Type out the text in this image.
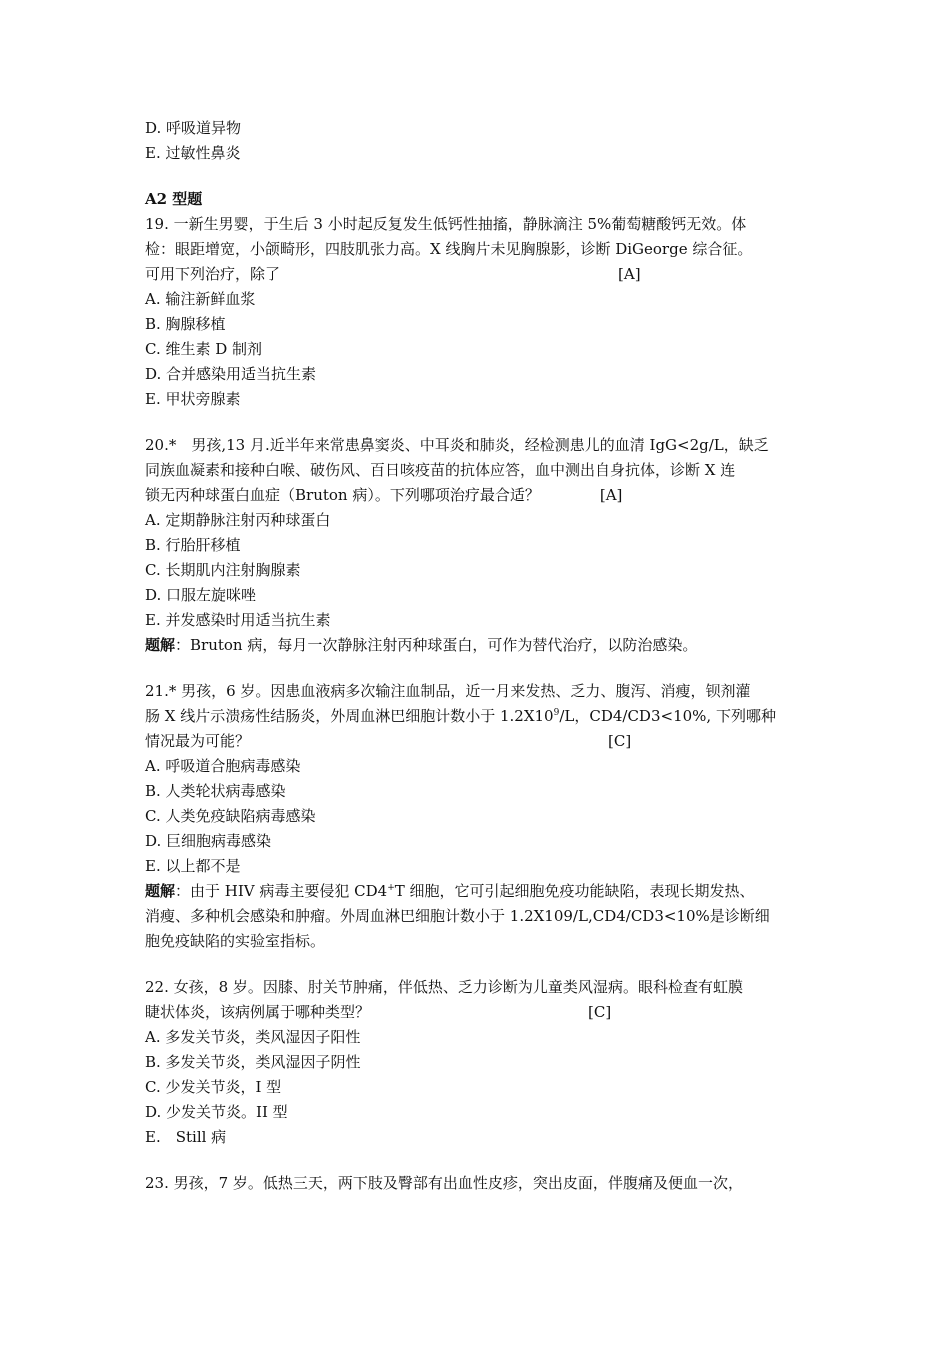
D. 呼吸道异物
E. 过敏性鼻炎
A2 型题
19. 一新生男婴，于生后 3 小时起反复发生低钙性抽搐，静脉滴注 5%葡萄糖酸钙无效。体
检：眼距增宽，小颌畸形，四肢肌张力高。X 线胸片未见胸腺影，诊断 DiGeorge 综合征。
可用下列治疗，除了	[A]
A. 输注新鲜血浆
B. 胸腺移植
C. 维生素 D 制剂
D. 合并感染用适当抗生素
E. 甲状旁腺素
20.*　男孩,13 月.近半年来常患鼻窦炎、中耳炎和肺炎，经检测患儿的血清 IgG<2g/L，缺乏
同族血凝素和接种白喉、破伤风、百日咳疫苗的抗体应答，血中测出自身抗体，诊断 X 连
锁无丙种球蛋白血症（Bruton 病）。下列哪项治疗最合适？	[A]
A. 定期静脉注射丙种球蛋白
B. 行胎肝移植
C. 长期肌内注射胸腺素
D. 口服左旋咪唑
E. 并发感染时用适当抗生素
题解：Bruton 病，每月一次静脉注射丙种球蛋白，可作为替代治疗，以防治感染。
21.* 男孩，6 岁。因患血液病多次输注血制品，近一月来发热、乏力、腹泻、消瘦，钡剂灌
肠 X 线片示溃疡性结肠炎，外周血淋巴细胞计数小于 $1.2X10^9/L$，CD4/CD3<10%, 下列哪种
情况最为可能？	[C]
A. 呼吸道合胞病毒感染
B. 人类轮状病毒感染
C. 人类免疫缺陷病毒感染
D. 巨细胞病毒感染
E. 以上都不是
题解：由于 HIV 病毒主要侵犯 CD4+T 细胞，它可引起细胞免疫功能缺陷，表现长期发热、
消瘦、多种机会感染和肿瘤。外周血淋巴细胞计数小于 1.2X109/L,CD4/CD3<10%是诊断细
胞免疫缺陷的实验室指标。
22. 女孩，8 岁。因膝、肘关节肿痛，伴低热、乏力诊断为儿童类风湿病。眼科检查有虹膜
睫状体炎，该病例属于哪种类型？	[C]
A. 多发关节炎，类风湿因子阳性
B. 多发关节炎，类风湿因子阴性
C. 少发关节炎，I 型
D. 少发关节炎。II 型
E.　Still 病
23. 男孩，7 岁。低热三天，两下肢及臀部有出血性皮疹，突出皮面，伴腹痛及便血一次，
